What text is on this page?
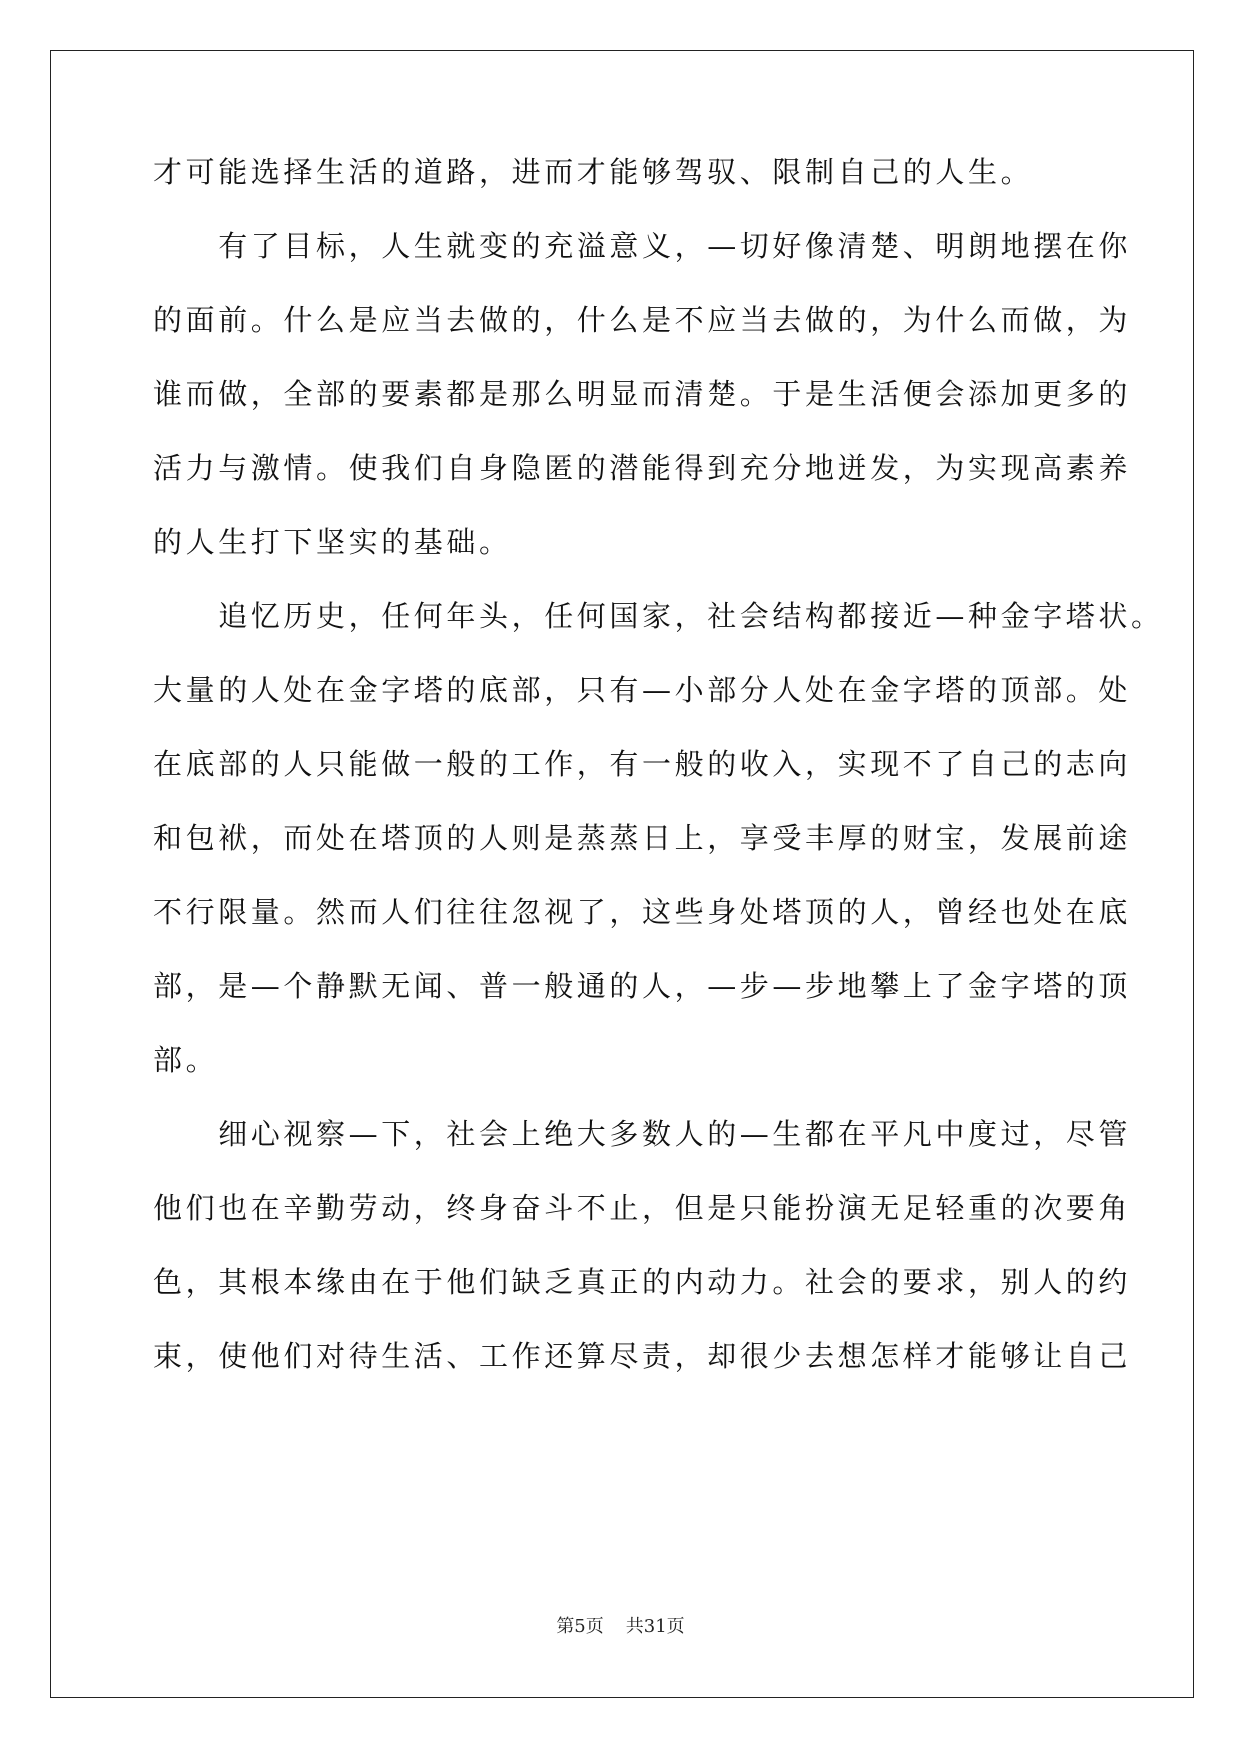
才可能选择生活的道路，进而才能够驾驭、限制自己的人生。
　　有了目标，人生就变的充溢意义，—切好像清楚、明朗地摆在你
的面前。什么是应当去做的，什么是不应当去做的，为什么而做，为
谁而做，全部的要素都是那么明显而清楚。于是生活便会添加更多的
活力与激情。使我们自身隐匿的潜能得到充分地迸发，为实现高素养
的人生打下坚实的基础。
　　追忆历史，任何年头，任何国家，社会结构都接近—种金字塔状。
大量的人处在金字塔的底部，只有—小部分人处在金字塔的顶部。处
在底部的人只能做一般的工作，有一般的收入，实现不了自己的志向
和包袱，而处在塔顶的人则是蒸蒸日上，享受丰厚的财宝，发展前途
不行限量。然而人们往往忽视了，这些身处塔顶的人，曾经也处在底
部，是—个静默无闻、普一般通的人，—步—步地攀上了金字塔的顶
部。
　　细心视察—下，社会上绝大多数人的—生都在平凡中度过，尽管
他们也在辛勤劳动，终身奋斗不止，但是只能扮演无足轻重的次要角
色，其根本缘由在于他们缺乏真正的内动力。社会的要求，别人的约
束，使他们对待生活、工作还算尽责，却很少去想怎样才能够让自己
第5页 共31页
